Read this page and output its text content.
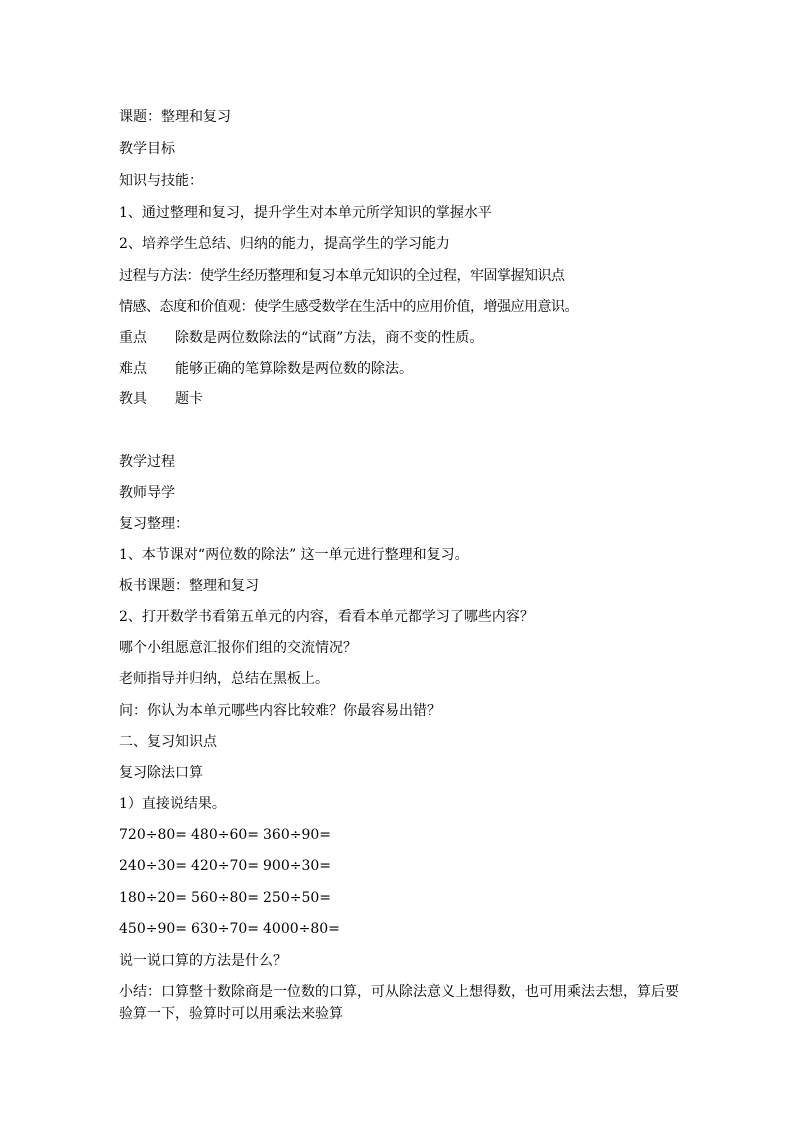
课题：整理和复习
教学目标
知识与技能：
1、通过整理和复习，提升学生对本单元所学知识的掌握水平
2、培养学生总结、归纳的能力，提高学生的学习能力
过程与方法：使学生经历整理和复习本单元知识的全过程，牢固掌握知识点
情感、态度和价值观：使学生感受数学在生活中的应用价值，增强应用意识。
重点 除数是两位数除法的“试商”方法，商不变的性质。
难点 能够正确的笔算除数是两位数的除法。
教具 题卡
教学过程
教师导学
复习整理：
1、本节课对“两位数的除法” 这一单元进行整理和复习。
板书课题：整理和复习
2、打开数学书看第五单元的内容，看看本单元都学习了哪些内容？
哪个小组愿意汇报你们组的交流情况？
老师指导并归纳，总结在黑板上。
问：你认为本单元哪些内容比较难？你最容易出错？
二、复习知识点
复习除法口算
1）直接说结果。
720÷80= 480÷60= 360÷90=
240÷30= 420÷70= 900÷30=
180÷20= 560÷80= 250÷50=
450÷90= 630÷70= 4000÷80=
说一说口算的方法是什么？
小结：口算整十数除商是一位数的口算，可从除法意义上想得数，也可用乘法去想，算后要验算一下，验算时可以用乘法来验算
